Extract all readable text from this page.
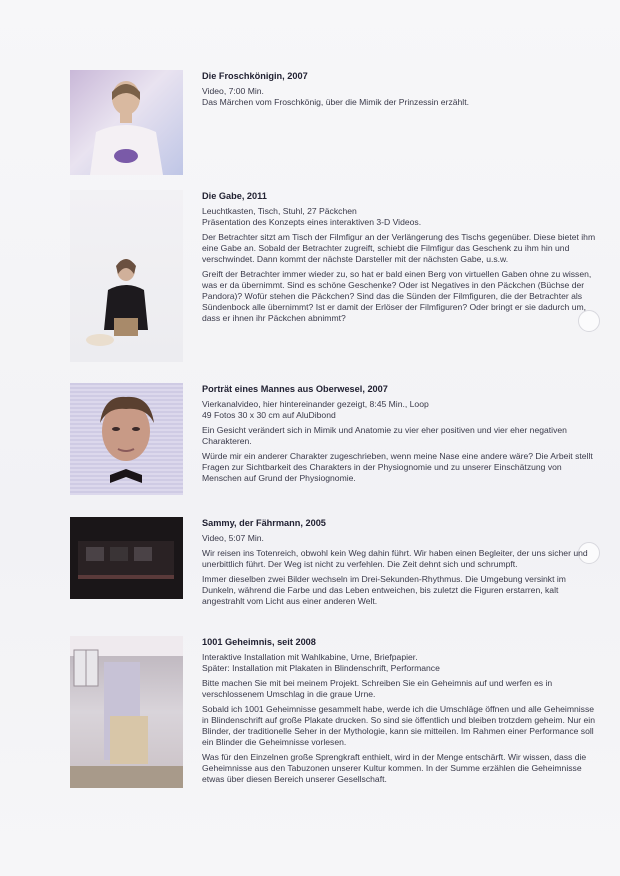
Die Froschkönigin, 2007

Video, 7:00 Min.

Das Märchen vom Froschkönig, über die Mimik der Prinzessin erzählt.

Die Gabe, 2011

Leuchtkasten, Tisch, Stuhl, 27 Päckchen

Präsentation des Konzepts eines interaktiven 3-D Videos.

Der Betrachter sitzt am Tisch der Filmfigur an der Verlängerung des Tischs gegenüber. Diese bietet ihm eine Gabe an. Sobald der Betrachter zugreift, schiebt die Filmfigur das Geschenk zu ihm hin und verschwindet. Dann kommt der nächste Darsteller mit der nächsten Gabe, u.s.w.

Greift der Betrachter immer wieder zu, so hat er bald einen Berg von virtuellen Gaben ohne zu wissen, was er da übernimmt. Sind es schöne Geschenke? Oder ist Negatives in den Päckchen (Büchse der Pandora)? Wofür stehen die Päckchen? Sind das die Sünden der Filmfiguren, die der Betrachter als Sündenbock alle übernimmt? Ist er damit der Erlöser der Filmfiguren? Oder bringt er sie dadurch um, dass er ihnen ihr Päckchen abnimmt?

Porträt eines Mannes aus Oberwesel, 2007

Vierkanalvideo, hier hintereinander gezeigt, 8:45 Min., Loop

49 Fotos 30 x 30 cm auf AluDibond

Ein Gesicht verändert sich in Mimik und Anatomie zu vier eher positiven und vier eher negativen Charakteren.

Würde mir ein anderer Charakter zugeschrieben, wenn meine Nase eine andere wäre? Die Arbeit stellt Fragen zur Sichtbarkeit des Charakters in der Physiognomie und zu unserer Einschätzung von Menschen auf Grund der Physiognomie.

Sammy, der Fährmann, 2005

Video, 5:07 Min.

Wir reisen ins Totenreich, obwohl kein Weg dahin führt. Wir haben einen Begleiter, der uns sicher und unerbittlich führt. Der Weg ist nicht zu verfehlen. Die Zeit dehnt sich und schrumpft.

Immer dieselben zwei Bilder wechseln im Drei-Sekunden-Rhythmus. Die Umgebung versinkt im Dunkeln, während die Farbe und das Leben entweichen, bis zuletzt die Figuren erstarren, kalt angestrahlt vom Licht aus einer anderen Welt.

1001 Geheimnis, seit 2008

Interaktive Installation mit Wahlkabine, Urne, Briefpapier.

Später: Installation mit Plakaten in Blindenschrift, Performance

Bitte machen Sie mit bei meinem Projekt. Schreiben Sie ein Geheimnis auf und werfen es in verschlossenem Umschlag in die graue Urne.

Sobald ich 1001 Geheimnisse gesammelt habe, werde ich die Umschläge öffnen und alle Geheimnisse in Blindenschrift auf große Plakate drucken. So sind sie öffentlich und bleiben trotzdem geheim. Nur ein Blinder, der traditionelle Seher in der Mythologie, kann sie mitteilen. Im Rahmen einer Performance soll ein Blinder die Geheimnisse vorlesen.

Was für den Einzelnen große Sprengkraft enthielt, wird in der Menge entschärft. Wir wissen, dass die Geheimnisse aus den Tabuzonen unserer Kultur kommen. In der Summe erzählen die Geheimnisse etwas über diesen Bereich unserer Gesellschaft.
